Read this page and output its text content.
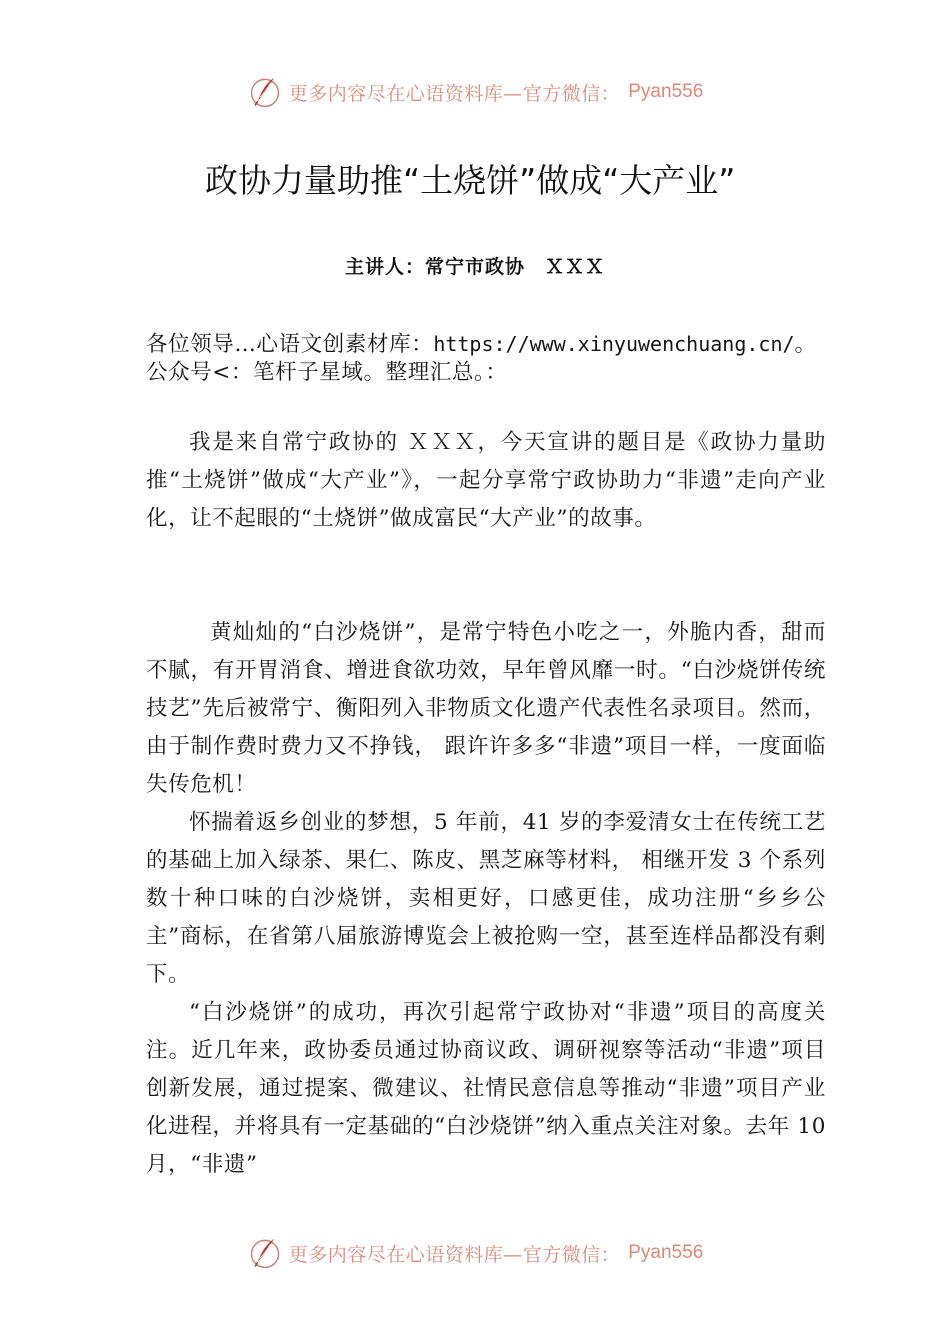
更多内容尽在心语资料库—官方微信： Pyan556
政协力量助推“土烧饼”做成“大产业”
主讲人：常宁市政协　ＸＸＸ
各位领导…心语文创素材库：https://www.xinyuwenchuang.cn/。公众号<：笔杆子星域。整理汇总。：

我是来自常宁政协的 ＸＸＸ，今天宣讲的题目是《政协力量助推“土烧饼”做成“大产业”》，一起分享常宁政协助力“非遗”走向产业化，让不起眼的“土烧饼”做成富民“大产业”的故事。

黄灿灿的“白沙烧饼”，是常宁特色小吃之一，外脆内香，甜而不腻，有开胃消食、增进食欲功效，早年曾风靡一时。“白沙烧饼传统技艺”先后被常宁、衡阳列入非物质文化遗产代表性名录项目。然而，由于制作费时费力又不挣钱， 跟许许多多“非遗”项目一样，一度面临失传危机！

怀揣着返乡创业的梦想，5 年前，41 岁的李爱清女士在传统工艺的基础上加入绿茶、果仁、陈皮、黑芝麻等材料， 相继开发 3 个系列数十种口味的白沙烧饼，卖相更好，口感更佳，成功注册“乡乡公主”商标，在省第八届旅游博览会上被抢购一空，甚至连样品都没有剩下。

“白沙烧饼”的成功，再次引起常宁政协对“非遗”项目的高度关注。近几年来，政协委员通过协商议政、调研视察等活动“非遗”项目创新发展，通过提案、微建议、社情民意信息等推动“非遗”项目产业化进程，并将具有一定基础的“白沙烧饼”纳入重点关注对象。去年 10 月，“非遗”

更多内容尽在心语资料库—官方微信： Pyan556
